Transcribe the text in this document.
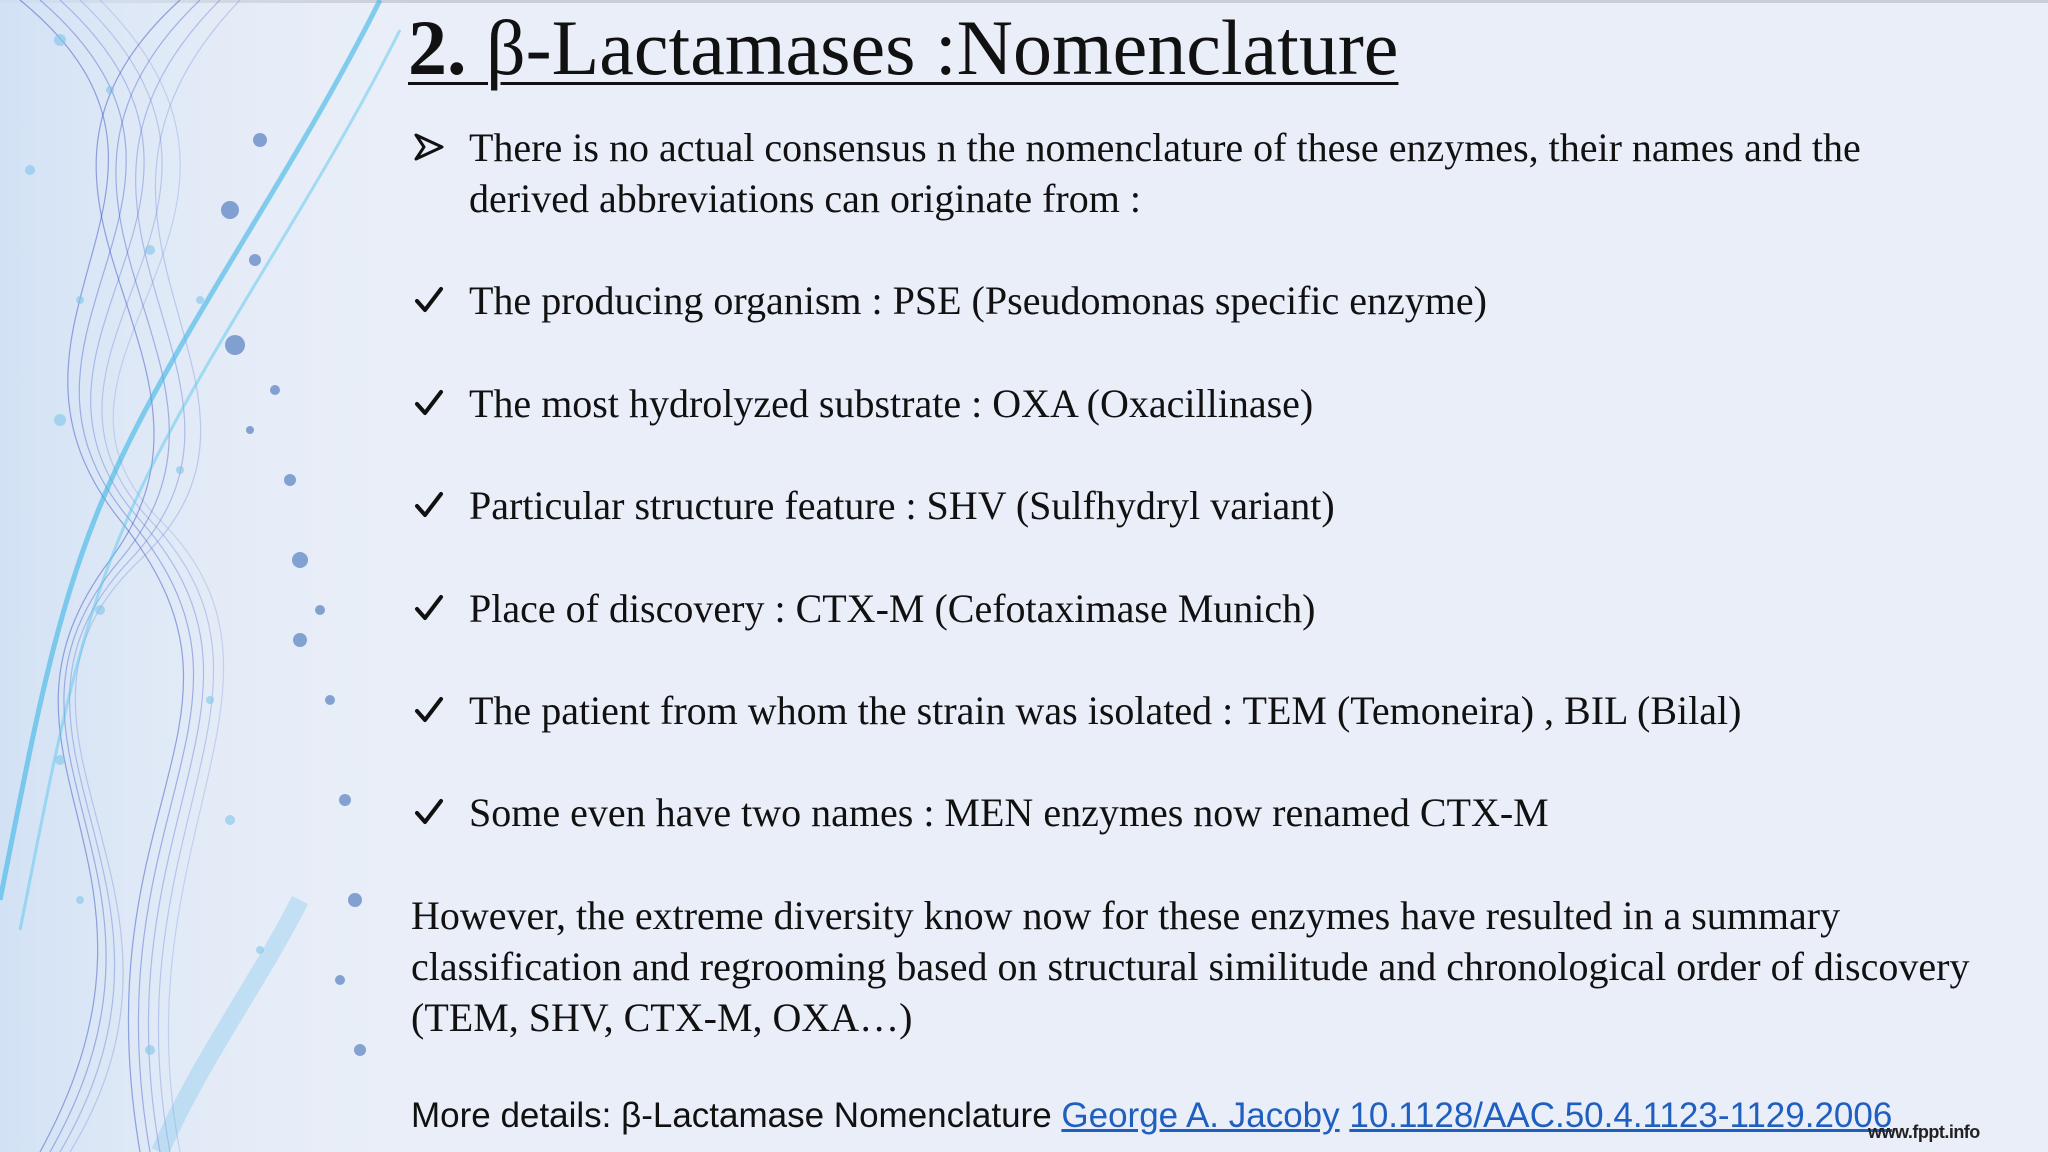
2. β-Lactamases :Nomenclature
There is no actual consensus n the nomenclature of these enzymes, their names and the derived abbreviations can originate from :
The producing organism : PSE (Pseudomonas specific enzyme)
The most hydrolyzed substrate : OXA (Oxacillinase)
Particular structure feature : SHV (Sulfhydryl variant)
Place of discovery : CTX-M (Cefotaximase Munich)
The patient from whom the strain was isolated : TEM (Temoneira) , BIL (Bilal)
Some even have two names : MEN enzymes now renamed CTX-M
However, the extreme diversity know now for these enzymes have resulted in a summary classification and regrooming based on structural similitude and chronological order of discovery (TEM, SHV, CTX-M, OXA…)
More details: β-Lactamase Nomenclature George A. Jacoby 10.1128/AAC.50.4.1123-1129.2006
www.fppt.info
